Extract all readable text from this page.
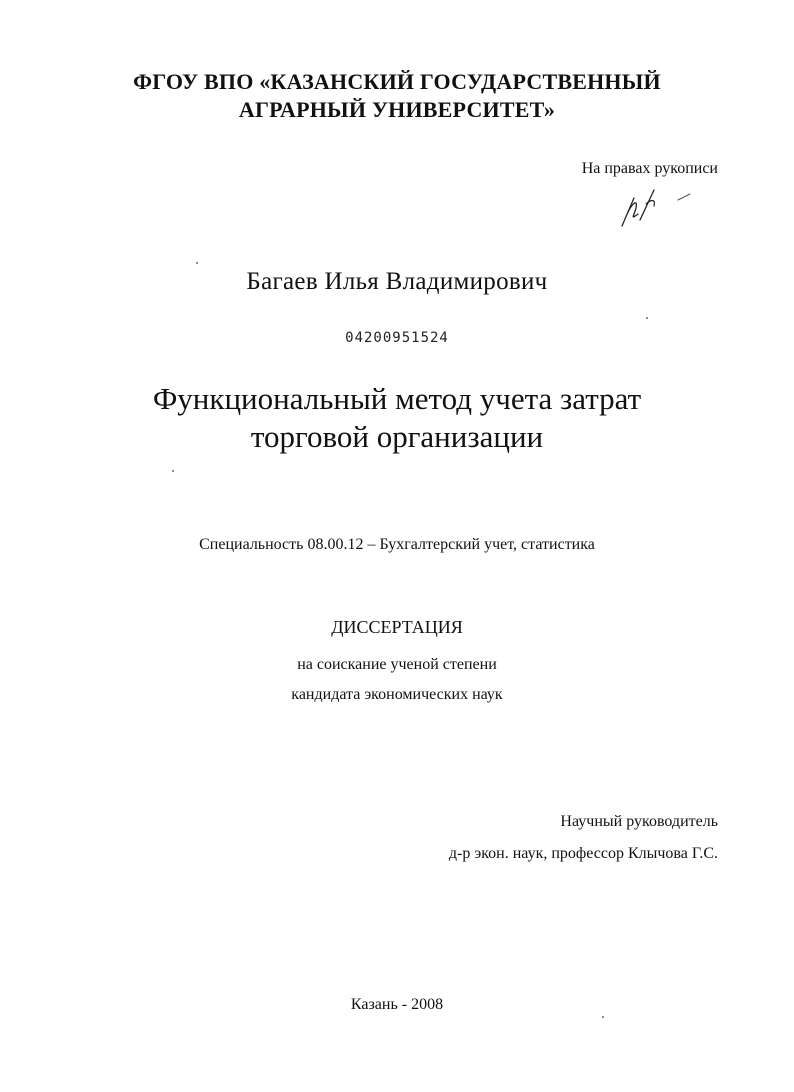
ФГОУ ВПО «КАЗАНСКИЙ ГОСУДАРСТВЕННЫЙ
АГРАРНЫЙ УНИВЕРСИТЕТ»
На правах рукописи
Багаев Илья Владимирович
04200951524
Функциональный метод учета затрат
торговой организации
Специальность 08.00.12 – Бухгалтерский учет, статистика
ДИССЕРТАЦИЯ
на соискание ученой степени
кандидата экономических наук
Научный руководитель
д-р экон. наук, профессор Клычова Г.С.
Казань - 2008
